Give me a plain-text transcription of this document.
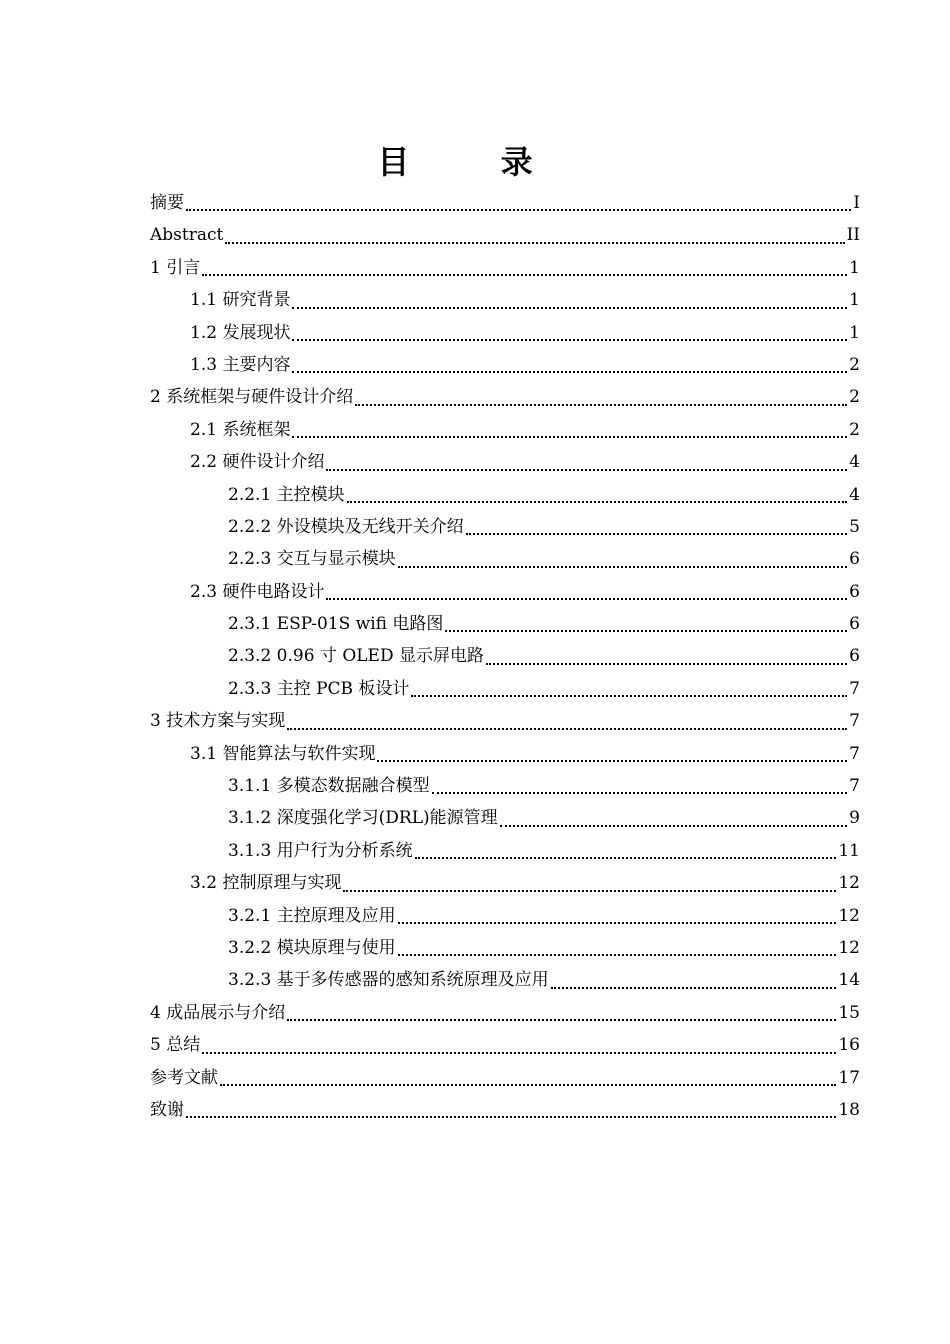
目 录
摘要	I
Abstract	II
1 引言	1
1.1 研究背景	1
1.2 发展现状	1
1.3 主要内容	2
2 系统框架与硬件设计介绍	2
2.1 系统框架	2
2.2 硬件设计介绍	4
2.2.1 主控模块	4
2.2.2 外设模块及无线开关介绍	5
2.2.3 交互与显示模块	6
2.3 硬件电路设计	6
2.3.1 ESP-01S wifi 电路图	6
2.3.2 0.96 寸 OLED 显示屏电路	6
2.3.3 主控 PCB 板设计	7
3 技术方案与实现	7
3.1 智能算法与软件实现	7
3.1.1 多模态数据融合模型	7
3.1.2 深度强化学习(DRL)能源管理	9
3.1.3 用户行为分析系统	11
3.2 控制原理与实现	12
3.2.1 主控原理及应用	12
3.2.2 模块原理与使用	12
3.2.3 基于多传感器的感知系统原理及应用	14
4 成品展示与介绍	15
5 总结	16
参考文献	17
致谢	18
